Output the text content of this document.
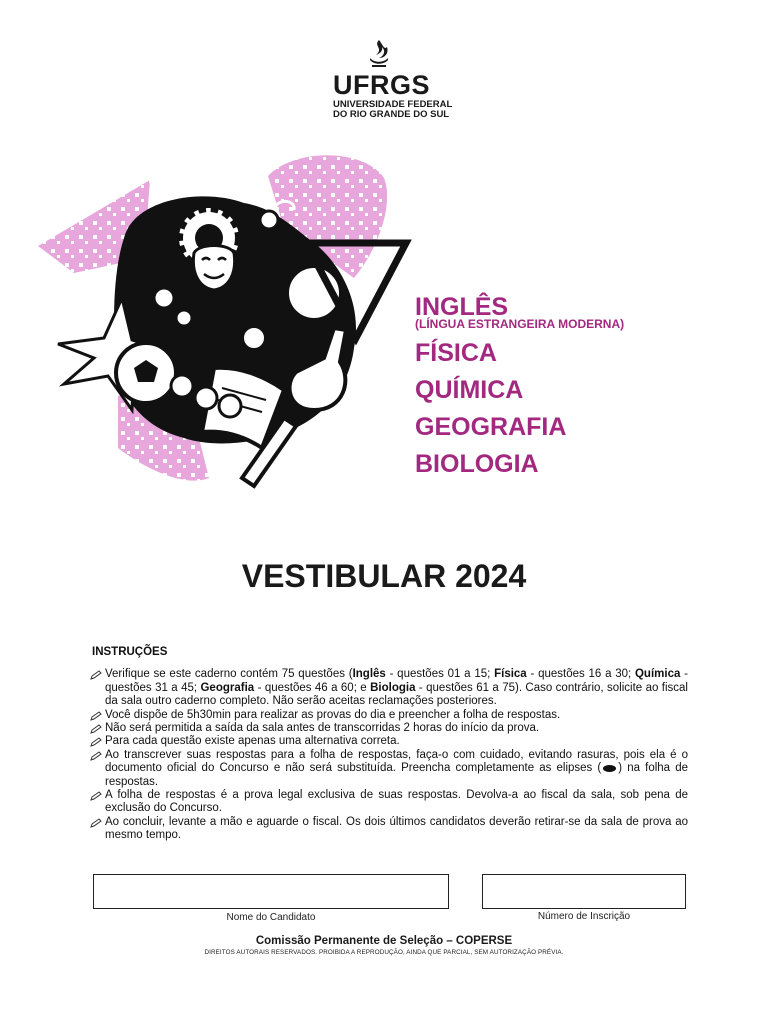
UFRGS
UNIVERSIDADE FEDERAL
DO RIO GRANDE DO SUL
INGLÊS
(LÍNGUA ESTRANGEIRA MODERNA)
FÍSICA
QUÍMICA
GEOGRAFIA
BIOLOGIA
VESTIBULAR 2024
INSTRUÇÕES
Verifique se este caderno contém 75 questões (Inglês - questões 01 a 15; Física - questões 16 a 30; Química - questões 31 a 45; Geografia - questões 46 a 60; e Biologia - questões 61 a 75). Caso contrário, solicite ao fiscal da sala outro caderno completo. Não serão aceitas reclamações posteriores.
Você dispõe de 5h30min para realizar as provas do dia e preencher a folha de respostas.
Não será permitida a saída da sala antes de transcorridas 2 horas do início da prova.
Para cada questão existe apenas uma alternativa correta.
Ao transcrever suas respostas para a folha de respostas, faça-o com cuidado, evitando rasuras, pois ela é o documento oficial do Concurso e não será substituída. Preencha completamente as elipses ( ) na folha de respostas.
A folha de respostas é a prova legal exclusiva de suas respostas. Devolva-a ao fiscal da sala, sob pena de exclusão do Concurso.
Ao concluir, levante a mão e aguarde o fiscal. Os dois últimos candidatos deverão retirar-se da sala de prova ao mesmo tempo.
Nome do Candidato	Número de Inscrição
Comissão Permanente de Seleção – COPERSE
DIREITOS AUTORAIS RESERVADOS. PROIBIDA A REPRODUÇÃO, AINDA QUE PARCIAL, SEM AUTORIZAÇÃO PRÉVIA.
